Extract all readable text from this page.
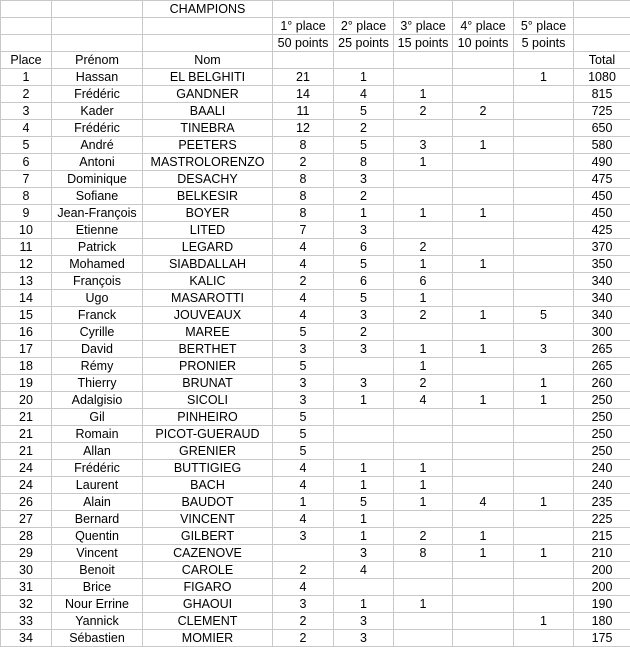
		CHAMPIONS						
			1° place	2° place	3° place	4° place	5° place	
			50 points	25 points	15 points	10 points	5 points	
Place	Prénom	Nom						Total
1	Hassan	EL BELGHITI	21	1			1	1080
2	Frédéric	GANDNER	14	4	1			815
3	Kader	BAALI	11	5	2	2		725
4	Frédéric	TINEBRA	12	2				650
5	André	PEETERS	8	5	3	1		580
6	Antoni	MASTROLORENZO	2	8	1			490
7	Dominique	DESACHY	8	3				475
8	Sofiane	BELKESIR	8	2				450
9	Jean-François	BOYER	8	1	1	1		450
10	Etienne	LITED	7	3				425
11	Patrick	LEGARD	4	6	2			370
12	Mohamed	SIABDALLAH	4	5	1	1		350
13	François	KALIC	2	6	6			340
14	Ugo	MASAROTTI	4	5	1			340
15	Franck	JOUVEAUX	4	3	2	1	5	340
16	Cyrille	MAREE	5	2				300
17	David	BERTHET	3	3	1	1	3	265
18	Rémy	PRONIER	5		1			265
19	Thierry	BRUNAT	3	3	2		1	260
20	Adalgisio	SICOLI	3	1	4	1	1	250
21	Gil	PINHEIRO	5					250
21	Romain	PICOT-GUERAUD	5					250
21	Allan	GRENIER	5					250
24	Frédéric	BUTTIGIEG	4	1	1			240
24	Laurent	BACH	4	1	1			240
26	Alain	BAUDOT	1	5	1	4	1	235
27	Bernard	VINCENT	4	1				225
28	Quentin	GILBERT	3	1	2	1		215
29	Vincent	CAZENOVE		3	8	1	1	210
30	Benoit	CAROLE	2	4				200
31	Brice	FIGARO	4					200
32	Nour Errine	GHAOUI	3	1	1			190
33	Yannick	CLEMENT	2	3			1	180
34	Sébastien	MOMIER	2	3				175
